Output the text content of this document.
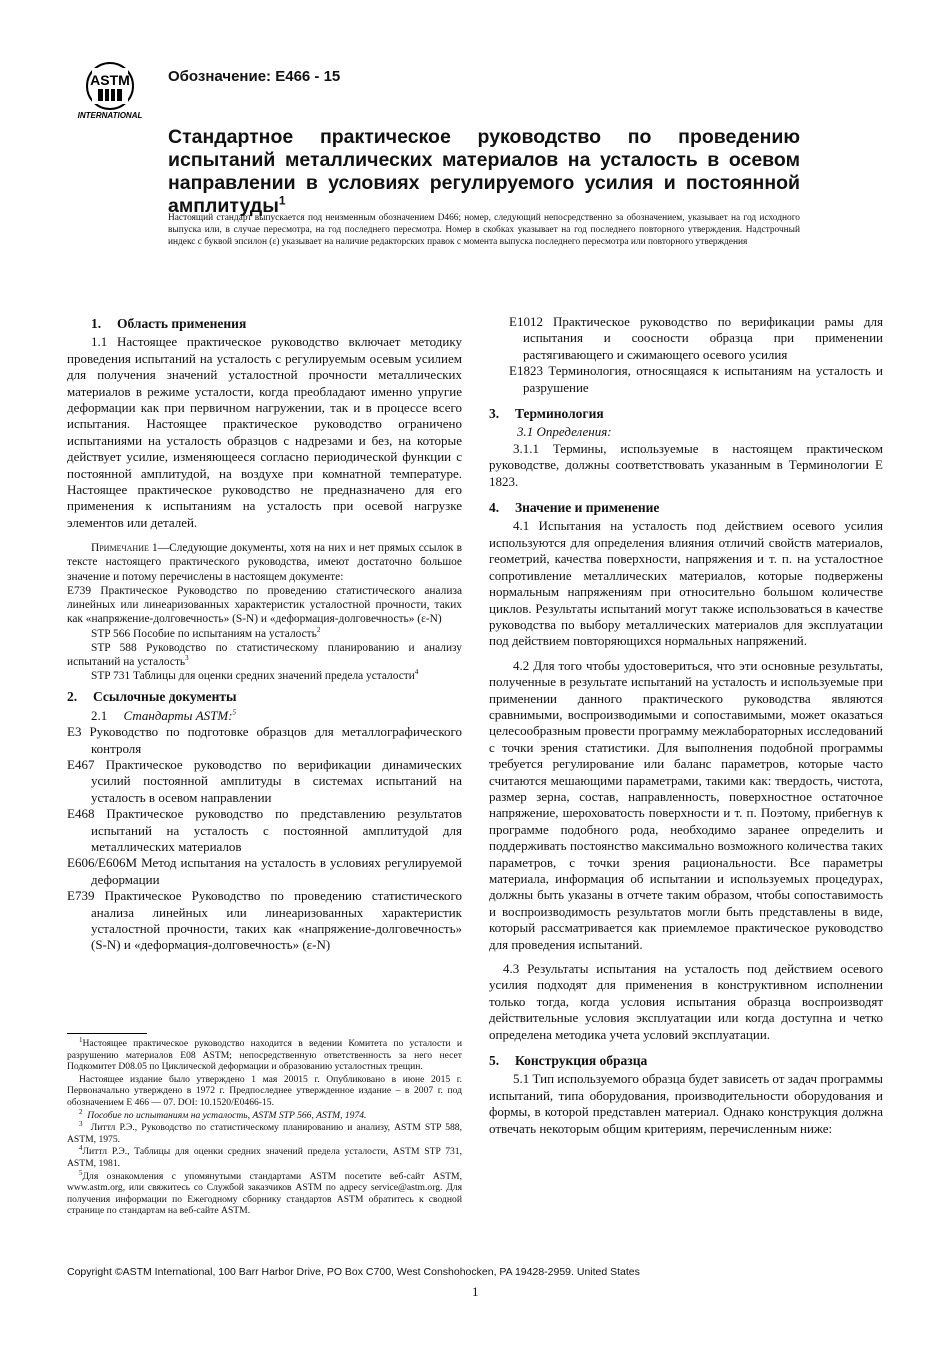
ASTM
INTERNATIONAL
Обозначение: E466 - 15
Стандартное практическое руководство по проведению испытаний металлических материалов на усталость в осевом направлении в условиях регулируемого усилия и постоянной амплитуды$^1$
Настоящий стандарт выпускается под неизменным обозначением D466; номер, следующий непосредственно за обозначением, указывает на год исходного выпуска или, в случае пересмотра, на год последнего пересмотра. Номер в скобках указывает на год последнего повторного утверждения. Надстрочный индекс с буквой эпсилон (ε) указывает на наличие редакторских правок с момента выпуска последнего пересмотра или повторного утверждения
1. Область применения

1.1 Настоящее практическое руководство включает методику проведения испытаний на усталость с регулируемым осевым усилием для получения значений усталостной прочности металлических материалов в режиме усталости, когда преобладают именно упругие деформации как при первичном нагружении, так и в процессе всего испытания. Настоящее практическое руководство ограничено испытаниями на усталость образцов с надрезами и без, на которые действует усилие, изменяющееся согласно периодической функции с постоянной амплитудой, на воздухе при комнатной температуре. Настоящее практическое руководство не предназначено для его применения к испытаниям на усталость при осевой нагрузке элементов или деталей.

Примечание 1—Следующие документы, хотя на них и нет прямых ссылок в тексте настоящего практического руководства, имеют достаточно большое значение и потому перечислены в настоящем документе:

E739 Практическое Руководство по проведению статистического анализа линейных или линеаризованных характеристик усталостной прочности, таких как «напряжение-долговечность» (S-N) и «деформация-долговечность» (ε-N)

STP 566 Пособие по испытаниям на усталость$^2$

STP 588 Руководство по статистическому планированию и анализу испытаний на усталость$^3$

STP 731 Таблицы для оценки средних значений предела усталости$^4$

2. Ссылочные документы

2.1 Стандарты ASTM:$^5$

E3 Руководство по подготовке образцов для металлографического контроля

E467 Практическое руководство по верификации динамических усилий постоянной амплитуды в системах испытаний на усталость в осевом направлении

E468 Практическое руководство по представлению результатов испытаний на усталость с постоянной амплитудой для металлических материалов

E606/E606M Метод испытания на усталость в условиях регулируемой деформации

E739 Практическое Руководство по проведению статистического анализа линейных или линеаризованных характеристик усталостной прочности, таких как «напряжение-долговечность» (S-N) и «деформация-долговечность» (ε-N)

$^1$Настоящее практическое руководство находится в ведении Комитета по усталости и разрушению материалов E08 ASTM; непосредственную ответственность за него несет Подкомитет D08.05 по Циклической деформации и образованию усталостных трещин.

Настоящее издание было утверждено 1 мая 20015 г. Опубликовано в июне 2015 г. Первоначально утверждено в 1972 г. Предпоследнее утвержденное издание – в 2007 г. под обозначением E 466 — 07. DOI: 10.1520/E0466-15.

$^2$ Пособие по испытаниям на усталость, ASTM STP 566, ASTM, 1974.

$^3$ Литтл Р.Э., Руководство по статистическому планированию и анализу, ASTM STP 588, ASTM, 1975.

$^4$Литтл Р.Э., Таблицы для оценки средних значений предела усталости, ASTM STP 731, ASTM, 1981.

$^5$Для ознакомления с упомянутыми стандартами ASTM посетите веб-сайт ASTM, www.astm.org, или свяжитесь со Службой заказчиков ASTM по адресу service@astm.org. Для получения информации по Ежегодному сборнику стандартов ASTM обратитесь к сводной странице по стандартам на веб-сайте ASTM.

E1012 Практическое руководство по верификации рамы для испытания и соосности образца при применении растягивающего и сжимающего осевого усилия

E1823 Терминология, относящаяся к испытаниям на усталость и разрушение

3. Терминология

3.1 Определения:

3.1.1 Термины, используемые в настоящем практическом руководстве, должны соответствовать указанным в Терминологии E 1823.

4. Значение и применение

4.1 Испытания на усталость под действием осевого усилия используются для определения влияния отличий свойств материалов, геометрий, качества поверхности, напряжения и т. п. на усталостное сопротивление металлических материалов, которые подвержены нормальным напряжениям при относительно большом количестве циклов. Результаты испытаний могут также использоваться в качестве руководства по выбору металлических материалов для эксплуатации под действием повторяющихся нормальных напряжений.

4.2 Для того чтобы удостовериться, что эти основные результаты, полученные в результате испытаний на усталость и используемые при применении данного практического руководства являются сравнимыми, воспроизводимыми и сопоставимыми, может оказаться целесообразным провести программу межлабораторных исследований с точки зрения статистики. Для выполнения подобной программы требуется регулирование или баланс параметров, которые часто считаются мешающими параметрами, такими как: твердость, чистота, размер зерна, состав, направленность, поверхностное остаточное напряжение, шероховатость поверхности и т. п. Поэтому, прибегнув к программе подобного рода, необходимо заранее определить и поддерживать постоянство максимально возможного количества таких параметров, с точки зрения рациональности. Все параметры материала, информация об испытании и используемых процедурах, должны быть указаны в отчете таким образом, чтобы сопоставимость и воспроизводимость результатов могли быть представлены в виде, который рассматривается как приемлемое практическое руководство для проведения испытаний.

4.3 Результаты испытания на усталость под действием осевого усилия подходят для применения в конструктивном исполнении только тогда, когда условия испытания образца воспроизводят действительные условия эксплуатации или когда доступна и четко определена методика учета условий эксплуатации.

5. Конструкция образца

5.1 Тип используемого образца будет зависеть от задач программы испытаний, типа оборудования, производительности оборудования и формы, в которой представлен материал. Однако конструкция должна отвечать некоторым общим критериям, перечисленным ниже:

Copyright ©ASTM International, 100 Barr Harbor Drive, PO Box C700, West Conshohocken, PA 19428-2959. United States
1
